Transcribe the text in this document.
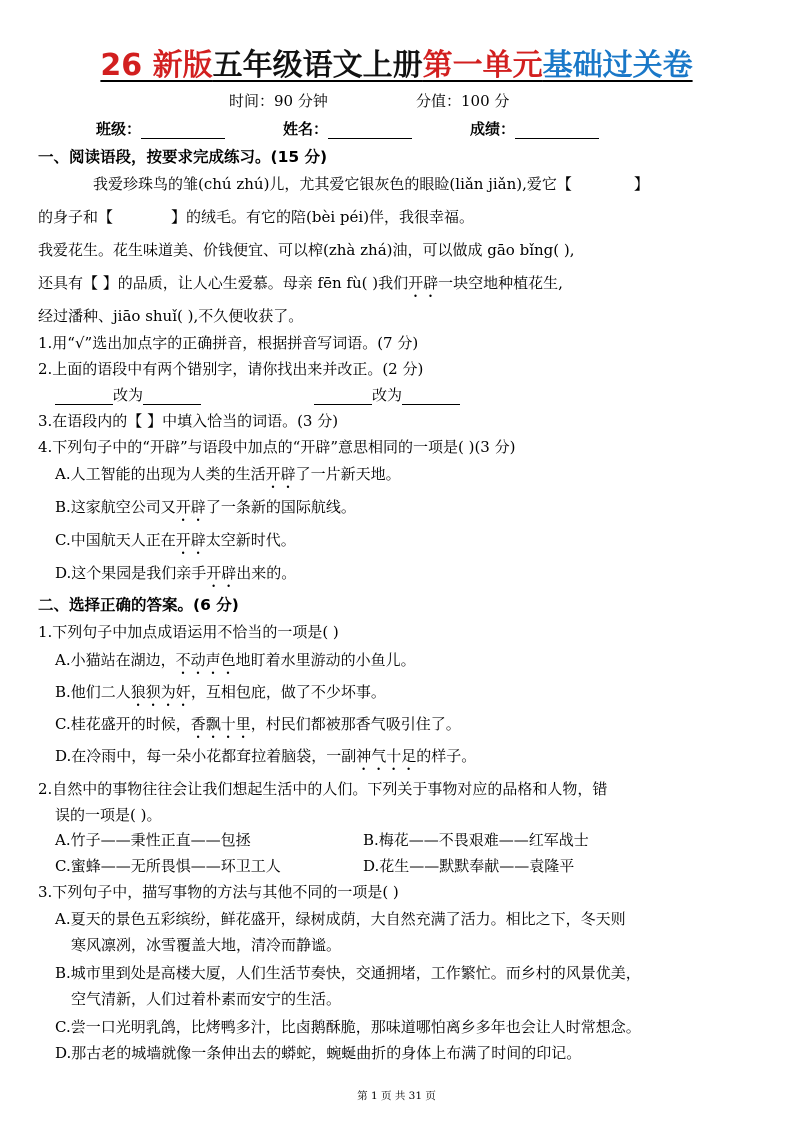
26 新版五年级语文上册第一单元基础过关卷
时间：90 分钟	分值：100 分
班级：	姓名：	成绩：
一、阅读语段，按要求完成练习。(15 分)
我爱珍珠鸟的雏(chú zhú)儿，尤其爱它银灰色的眼睑(liǎn jiǎn),爱它【	】
的身子和【	】的绒毛。有它的陪(bèi péi)伴，我很幸福。
我爱花生。花生味道美、价钱便宜、可以榨(zhà zhá)油，可以做成 gāo bǐng( ),
还具有【 】的品质，让人心生爱慕。母亲 fēn fù( )我们开辟一块空地种植花生,
经过潘种、jiāo shuǐ( ),不久便收获了。
1.用“√”选出加点字的正确拼音，根据拼音写词语。(7 分)
2.上面的语段中有两个错别字，请你找出来并改正。(2 分)
改为	改为
3.在语段内的【 】中填入恰当的词语。(3 分)
4.下列句子中的“开辟”与语段中加点的“开辟”意思相同的一项是( )(3 分)
A.人工智能的出现为人类的生活开辟了一片新天地。
B.这家航空公司又开辟了一条新的国际航线。
C.中国航天人正在开辟太空新时代。
D.这个果园是我们亲手开辟出来的。
二、选择正确的答案。(6 分)
1.下列句子中加点成语运用不恰当的一项是( )
A.小猫站在湖边，不动声色地盯着水里游动的小鱼儿。
B.他们二人狼狈为奸，互相包庇，做了不少坏事。
C.桂花盛开的时候，香飘十里，村民们都被那香气吸引住了。
D.在冷雨中，每一朵小花都耷拉着脑袋，一副神气十足的样子。
2.自然中的事物往往会让我们想起生活中的人们。下列关于事物对应的品格和人物，错
误的一项是( )。
A.竹子——秉性正直——包拯	B.梅花——不畏艰难——红军战士
C.蜜蜂——无所畏惧——环卫工人	D.花生——默默奉献——袁隆平
3.下列句子中，描写事物的方法与其他不同的一项是( )
A.夏天的景色五彩缤纷，鲜花盛开，绿树成荫，大自然充满了活力。相比之下，冬天则
寒风凛冽，冰雪覆盖大地，清冷而静谧。
B.城市里到处是高楼大厦，人们生活节奏快，交通拥堵，工作繁忙。而乡村的风景优美，
空气清新，人们过着朴素而安宁的生活。
C.尝一口光明乳鸽，比烤鸭多汁，比卤鹅酥脆，那味道哪怕离乡多年也会让人时常想念。
D.那古老的城墙就像一条伸出去的蟒蛇，蜿蜒曲折的身体上布满了时间的印记。
第 1 页 共 31 页
